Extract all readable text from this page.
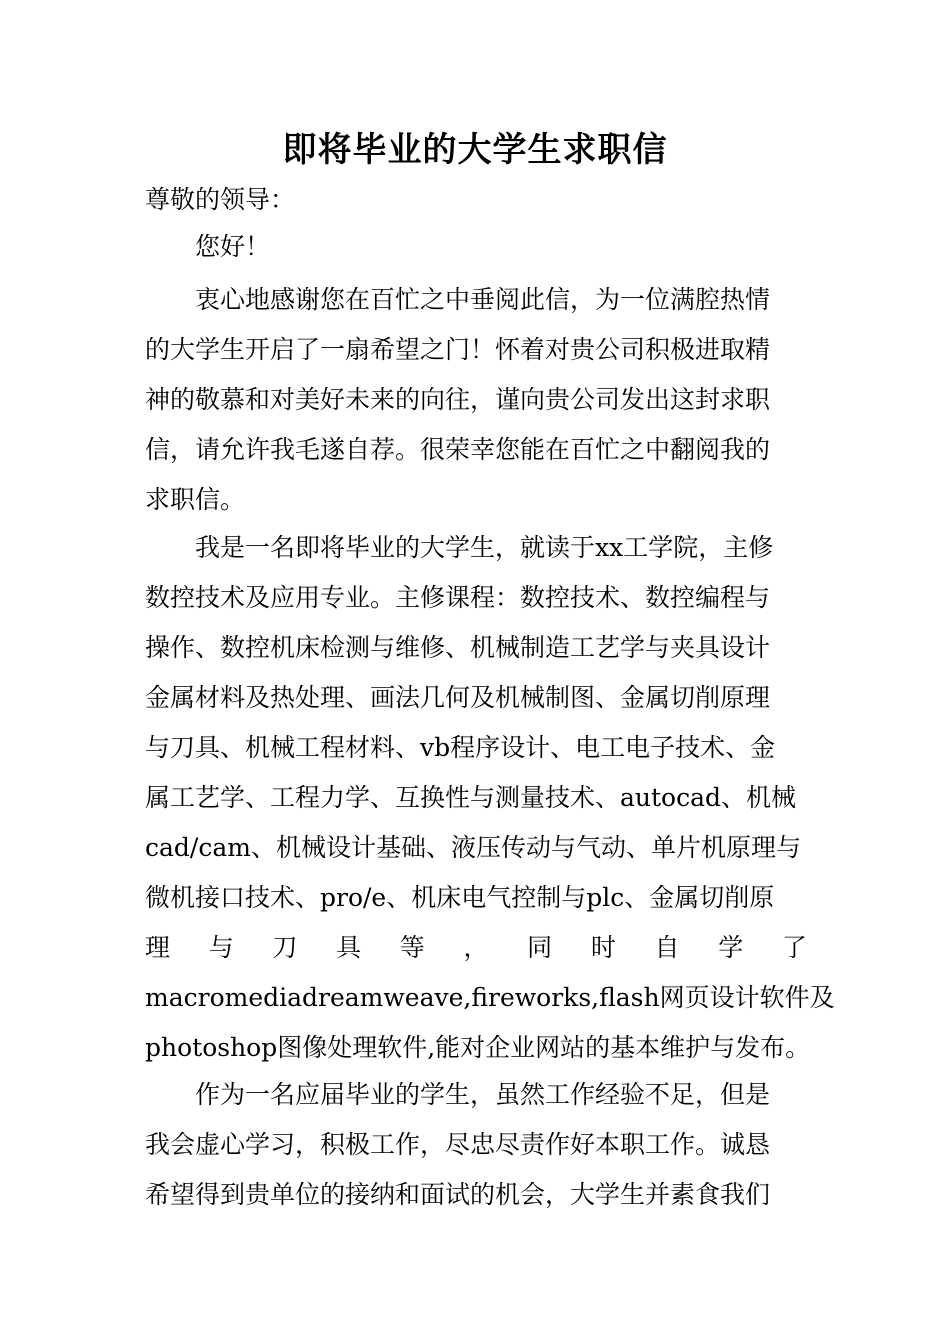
即将毕业的大学生求职信
尊敬的领导：
您好！
衷心地感谢您在百忙之中垂阅此信，为一位满腔热情
的大学生开启了一扇希望之门！怀着对贵公司积极进取精
神的敬慕和对美好未来的向往，谨向贵公司发出这封求职
信，请允许我毛遂自荐。很荣幸您能在百忙之中翻阅我的
求职信。
我是一名即将毕业的大学生，就读于xx工学院，主修
数控技术及应用专业。主修课程：数控技术、数控编程与
操作、数控机床检测与维修、机械制造工艺学与夹具设计
金属材料及热处理、画法几何及机械制图、金属切削原理
与刀具、机械工程材料、vb程序设计、电工电子技术、金
属工艺学、工程力学、互换性与测量技术、autocad、机械
cad/cam、机械设计基础、液压传动与气动、单片机原理与
微机接口技术、pro/e、机床电气控制与plc、金属切削原
理 与 刀 具 等 ， 同 时 自 学 了
macromediadreamweave,fireworks,flash网页设计软件及
photoshop图像处理软件,能对企业网站的基本维护与发布。
作为一名应届毕业的学生，虽然工作经验不足，但是
我会虚心学习，积极工作，尽忠尽责作好本职工作。诚恳
希望得到贵单位的接纳和面试的机会，大学生并素食我们
